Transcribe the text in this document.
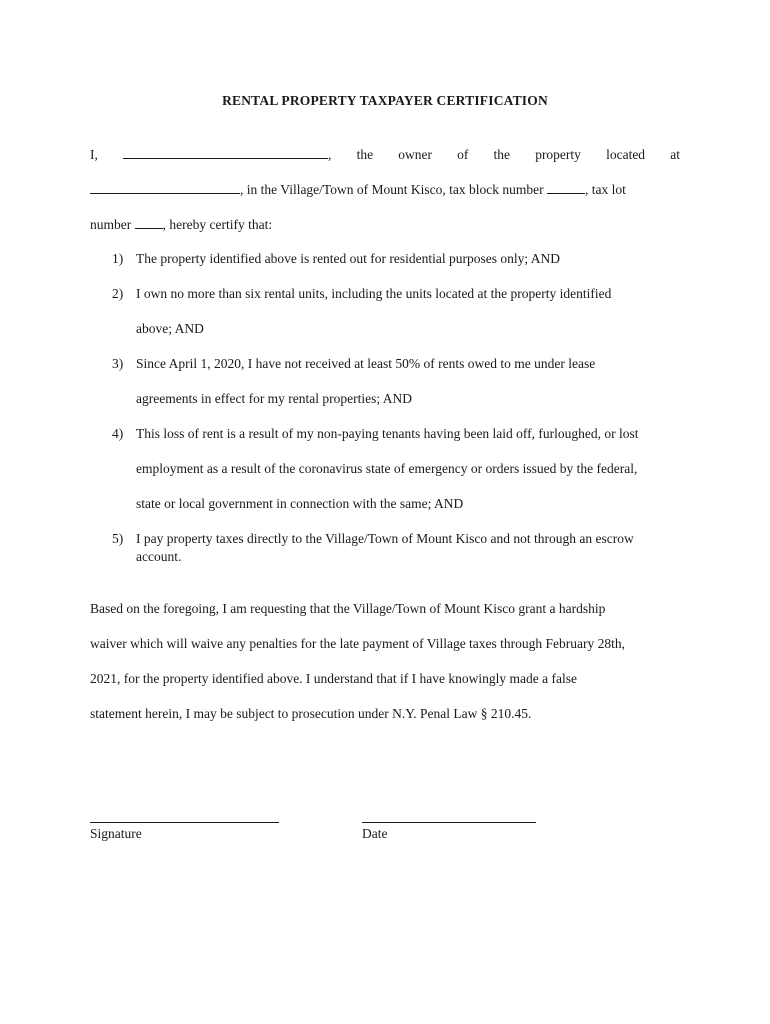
RENTAL PROPERTY TAXPAYER CERTIFICATION
I,	, the owner of the property located at
, in the Village/Town of Mount Kisco, tax block number	, tax lot
number , hereby certify that:
1) The property identified above is rented out for residential purposes only; AND
2) I own no more than six rental units, including the units located at the property identified
above; AND
3) Since April 1, 2020, I have not received at least 50% of rents owed to me under lease
agreements in effect for my rental properties; AND
4) This loss of rent is a result of my non-paying tenants having been laid off, furloughed, or lost
employment as a result of the coronavirus state of emergency or orders issued by the federal,
state or local government in connection with the same; AND
5) I pay property taxes directly to the Village/Town of Mount Kisco and not through an escrow
account.
Based on the foregoing, I am requesting that the Village/Town of Mount Kisco grant a hardship
waiver which will waive any penalties for the late payment of Village taxes through February 28th,
2021, for the property identified above. I understand that if I have knowingly made a false
statement herein, I may be subject to prosecution under N.Y. Penal Law § 210.45.
Signature	Date
